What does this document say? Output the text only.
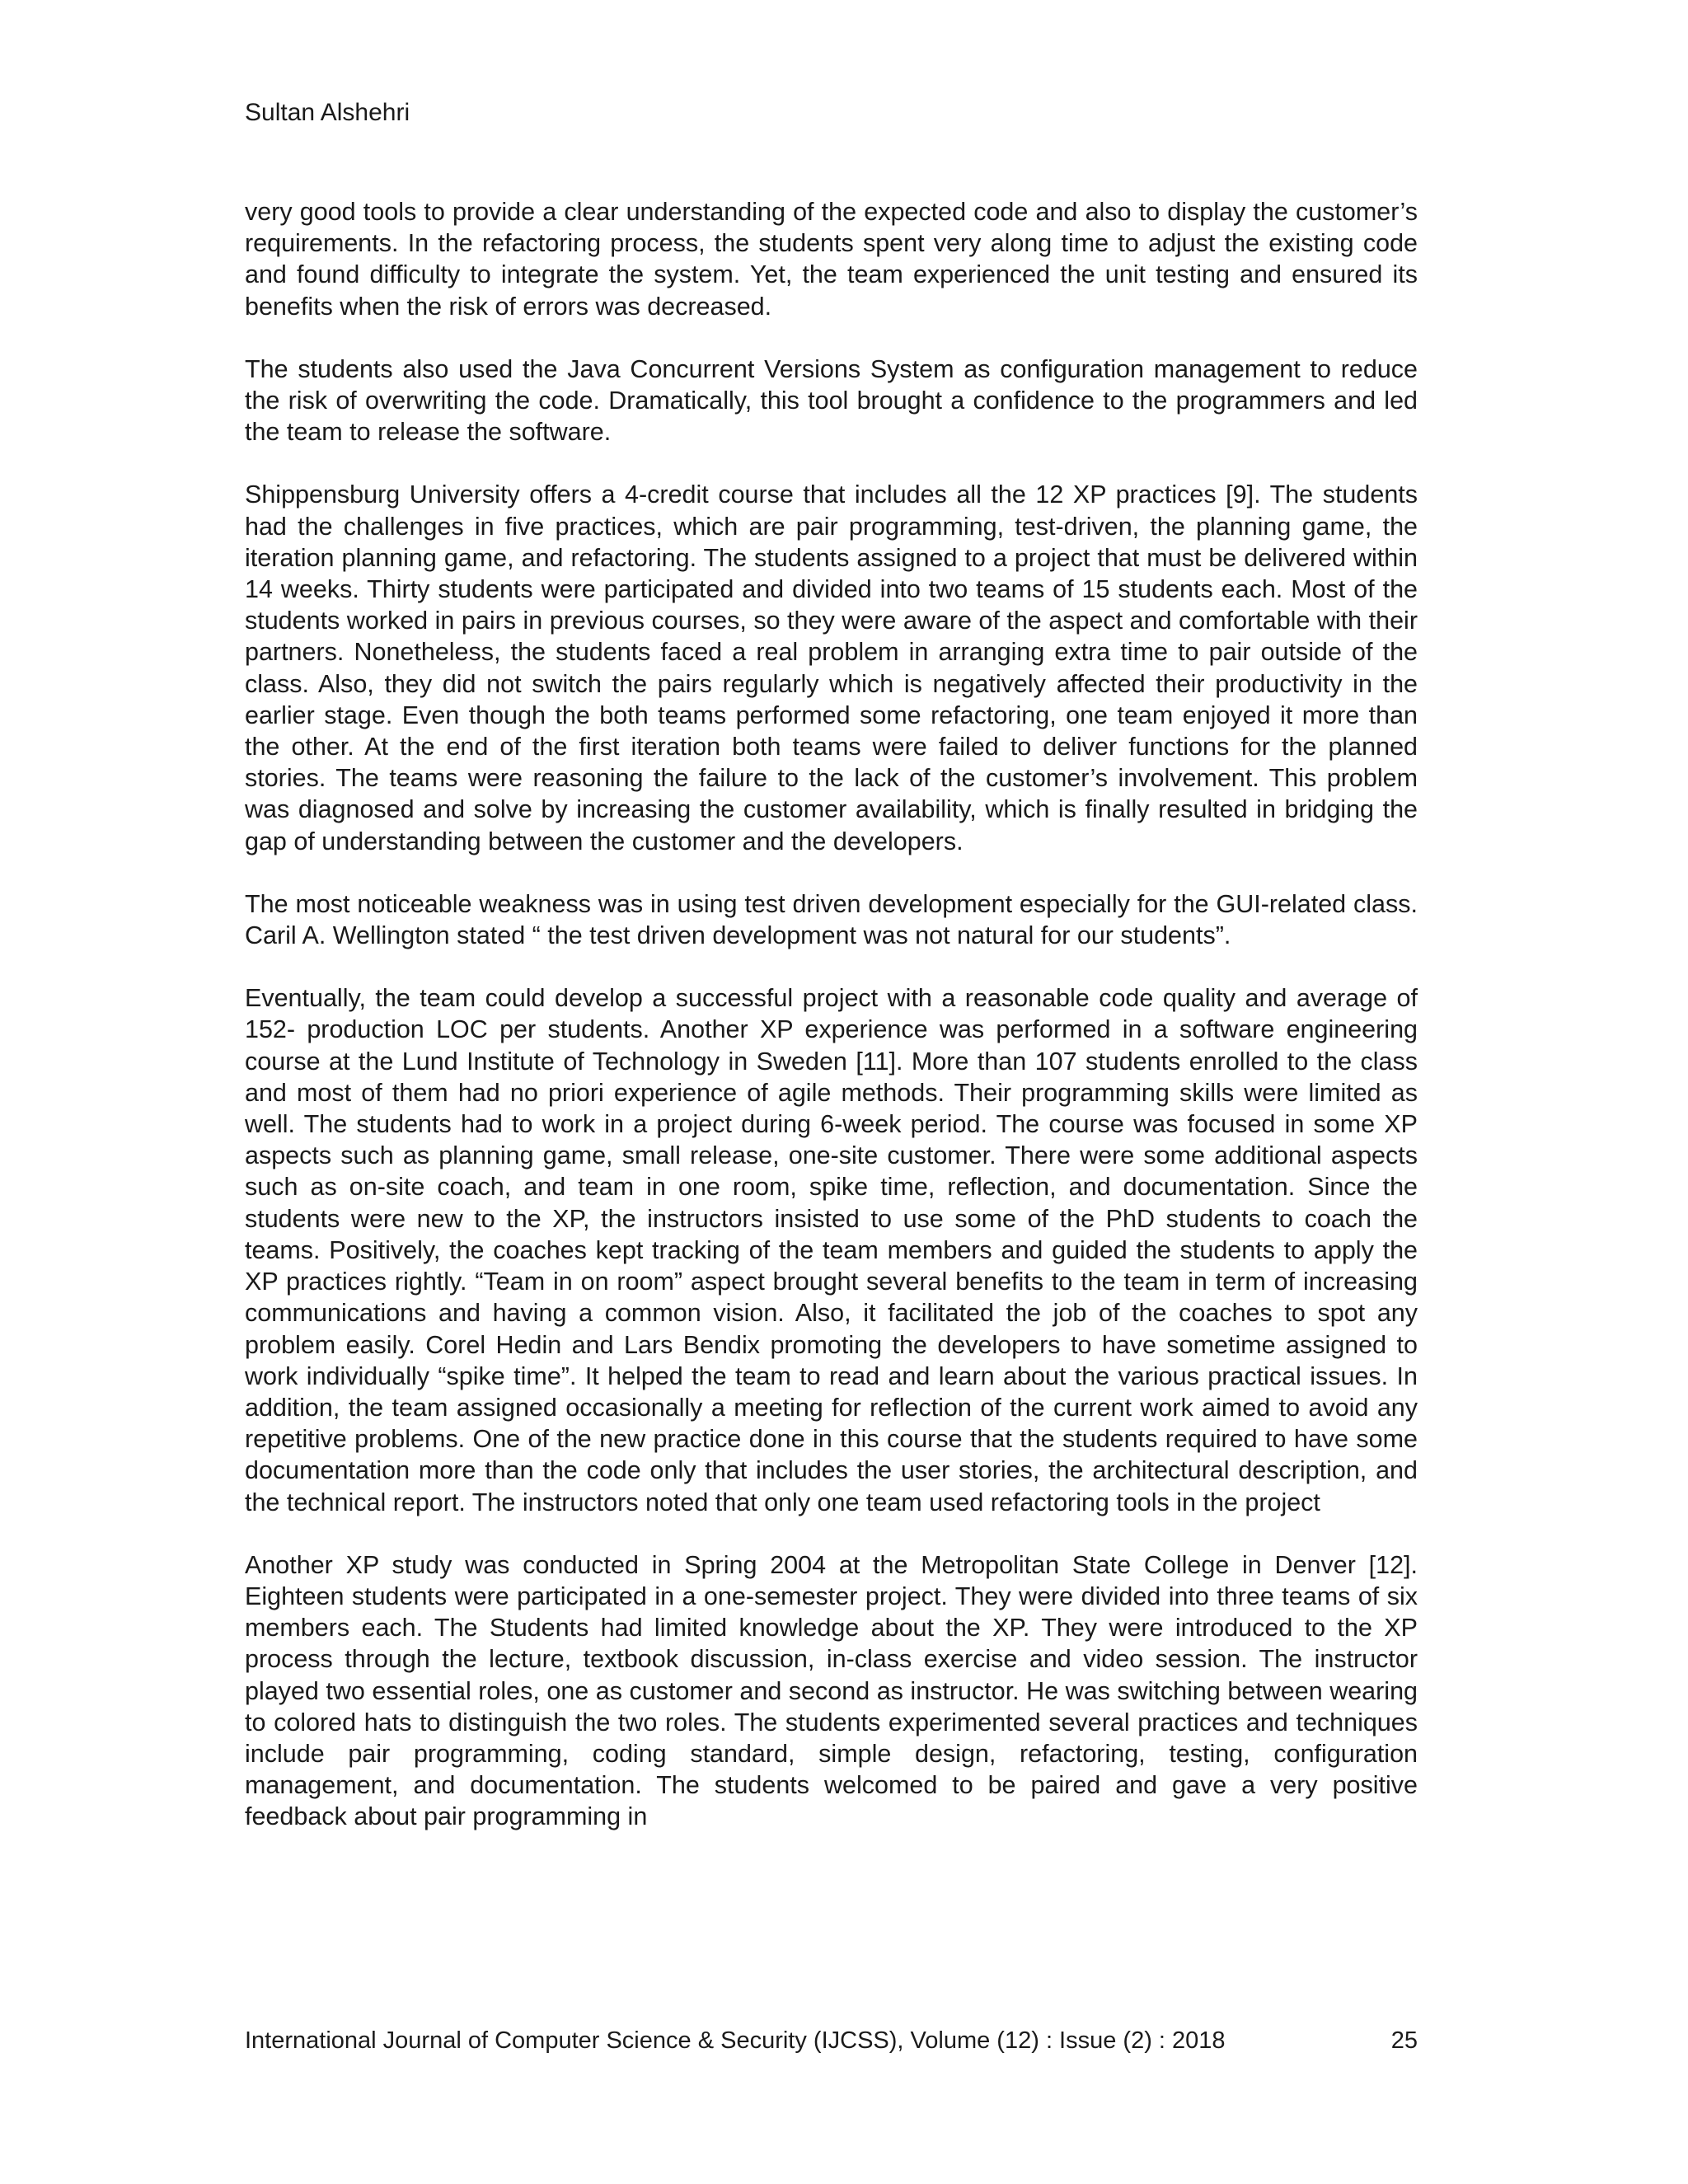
Sultan Alshehri

very good tools to provide a clear understanding of the expected code and also to display the customer’s requirements. In the refactoring process, the students spent very along time to adjust the existing code and found difficulty to integrate the system. Yet, the team experienced the unit testing and ensured its benefits when the risk of errors was decreased.

The students also used the Java Concurrent Versions System as configuration management to reduce the risk of overwriting the code. Dramatically, this tool brought a confidence to the programmers and led the team to release the software.

Shippensburg University offers a 4-credit course that includes all the 12 XP practices [9]. The students had the challenges in five practices, which are pair programming, test-driven, the planning game, the iteration planning game, and refactoring. The students assigned to a project that must be delivered within 14 weeks. Thirty students were participated and divided into two teams of 15 students each. Most of the students worked in pairs in previous courses, so they were aware of the aspect and comfortable with their partners. Nonetheless, the students faced a real problem in arranging extra time to pair outside of the class. Also, they did not switch the pairs regularly which is negatively affected their productivity in the earlier stage. Even though the both teams performed some refactoring, one team enjoyed it more than the other. At the end of the first iteration both teams were failed to deliver functions for the planned stories. The teams were reasoning the failure to the lack of the customer’s involvement. This problem was diagnosed and solve by increasing the customer availability, which is finally resulted in bridging the gap of understanding between the customer and the developers.

The most noticeable weakness was in using test driven development especially for the GUI-related class. Caril A. Wellington stated “ the test driven development was not natural for our students”.

Eventually, the team could develop a successful project with a reasonable code quality and average of 152- production LOC per students. Another XP experience was performed in a software engineering course at the Lund Institute of Technology in Sweden [11]. More than 107 students enrolled to the class and most of them had no priori experience of agile methods. Their programming skills were limited as well. The students had to work in a project during 6-week period. The course was focused in some XP aspects such as planning game, small release, one-site customer. There were some additional aspects such as on-site coach, and team in one room, spike time, reflection, and documentation. Since the students were new to the XP, the instructors insisted to use some of the PhD students to coach the teams. Positively, the coaches kept tracking of the team members and guided the students to apply the XP practices rightly. “Team in on room” aspect brought several benefits to the team in term of increasing communications and having a common vision. Also, it facilitated the job of the coaches to spot any problem easily. Corel Hedin and Lars Bendix promoting the developers to have sometime assigned to work individually “spike time”. It helped the team to read and learn about the various practical issues. In addition, the team assigned occasionally a meeting for reflection of the current work aimed to avoid any repetitive problems. One of the new practice done in this course that the students required to have some documentation more than the code only that includes the user stories, the architectural description, and the technical report. The instructors noted that only one team used refactoring tools in the project

Another XP study was conducted in Spring 2004 at the Metropolitan State College in Denver [12]. Eighteen students were participated in a one-semester project. They were divided into three teams of six members each. The Students had limited knowledge about the XP. They were introduced to the XP process through the lecture, textbook discussion, in-class exercise and video session. The instructor played two essential roles, one as customer and second as instructor. He was switching between wearing to colored hats to distinguish the two roles. The students experimented several practices and techniques include pair programming, coding standard, simple design, refactoring, testing, configuration management, and documentation. The students welcomed to be paired and gave a very positive feedback about pair programming in

International Journal of Computer Science & Security (IJCSS), Volume (12) : Issue (2) : 2018	25
